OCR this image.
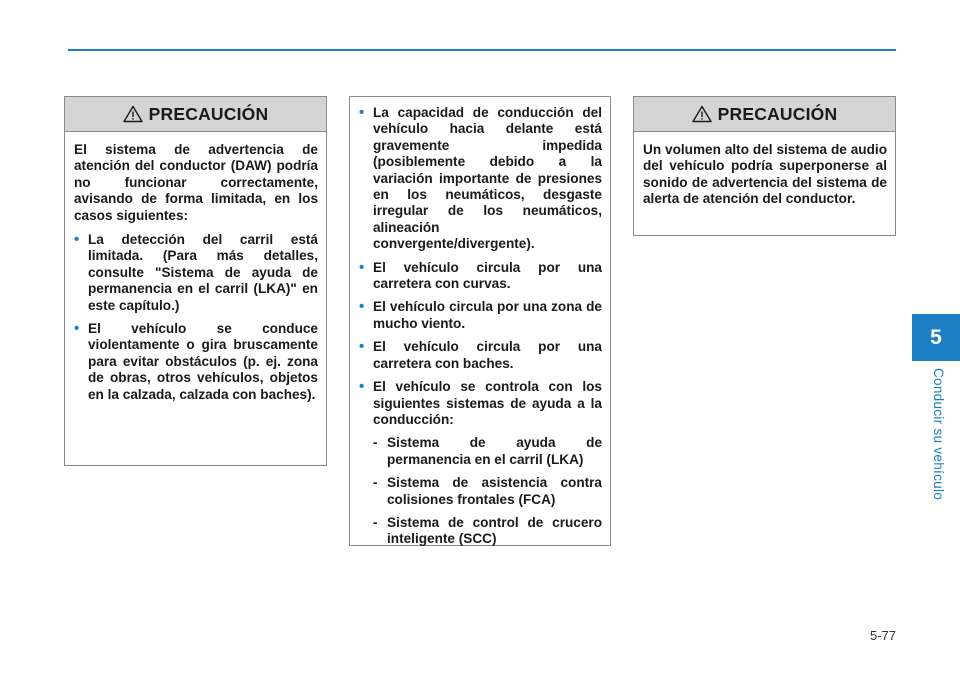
PRECAUCIÓN

El sistema de advertencia de atención del conductor (DAW) podría no funcionar correctamente, avisando de forma limitada, en los casos siguientes:

• La detección del carril está limitada. (Para más detalles, consulte "Sistema de ayuda de permanencia en el carril (LKA)" en este capítulo.)
• El vehículo se conduce violentamente o gira bruscamente para evitar obstáculos (p. ej. zona de obras, otros vehículos, objetos en la calzada, calzada con baches).
• La capacidad de conducción del vehículo hacia delante está gravemente impedida (posiblemente debido a la variación importante de presiones en los neumáticos, desgaste irregular de los neumáticos, alineación convergente/divergente).
• El vehículo circula por una carretera con curvas.
• El vehículo circula por una zona de mucho viento.
• El vehículo circula por una carretera con baches.
• El vehículo se controla con los siguientes sistemas de ayuda a la conducción:
- Sistema de ayuda de permanencia en el carril (LKA)
- Sistema de asistencia contra colisiones frontales (FCA)
- Sistema de control de crucero inteligente (SCC)
PRECAUCIÓN

Un volumen alto del sistema de audio del vehículo podría superponerse al sonido de advertencia del sistema de alerta de atención del conductor.

5
Conducir su vehículo
5-77
